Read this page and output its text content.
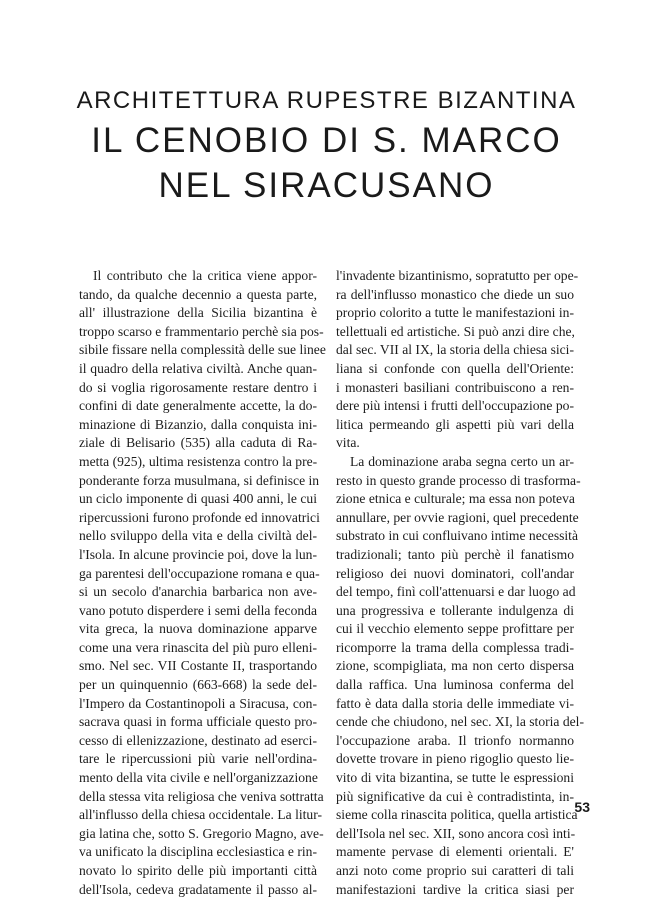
ARCHITETTURA RUPESTRE BIZANTINA
IL CENOBIO DI S. MARCO
NEL SIRACUSANO
Il contributo che la critica viene appor-
tando, da qualche decennio a questa parte,
all' illustrazione della Sicilia bizantina è
troppo scarso e frammentario perchè sia pos-
sibile fissare nella complessità delle sue linee
il quadro della relativa civiltà. Anche quan-
do si voglia rigorosamente restare dentro i
confini di date generalmente accette, la do-
minazione di Bizanzio, dalla conquista ini-
ziale di Belisario (535) alla caduta di Ra-
metta (925), ultima resistenza contro la pre-
ponderante forza musulmana, si definisce in
un ciclo imponente di quasi 400 anni, le cui
ripercussioni furono profonde ed innovatrici
nello sviluppo della vita e della civiltà del-
l'Isola. In alcune provincie poi, dove la lun-
ga parentesi dell'occupazione romana e qua-
si un secolo d'anarchia barbarica non ave-
vano potuto disperdere i semi della feconda
vita greca, la nuova dominazione apparve
come una vera rinascita del più puro elleni-
smo. Nel sec. VII Costante II, trasportando
per un quinquennio (663-668) la sede del-
l'Impero da Costantinopoli a Siracusa, con-
sacrava quasi in forma ufficiale questo pro-
cesso di ellenizzazione, destinato ad eserci-
tare le ripercussioni più varie nell'ordina-
mento della vita civile e nell'organizzazione
della stessa vita religiosa che veniva sottratta
all'influsso della chiesa occidentale. La litur-
gia latina che, sotto S. Gregorio Magno, ave-
va unificato la disciplina ecclesiastica e rin-
novato lo spirito delle più importanti città
dell'Isola, cedeva gradatamente il passo al-
l'invadente bizantinismo, sopratutto per ope-
ra dell'influsso monastico che diede un suo
proprio colorito a tutte le manifestazioni in-
tellettuali ed artistiche. Si può anzi dire che,
dal sec. VII al IX, la storia della chiesa sici-
liana si confonde con quella dell'Oriente:
i monasteri basiliani contribuiscono a ren-
dere più intensi i frutti dell'occupazione po-
litica permeando gli aspetti più vari della
vita.
La dominazione araba segna certo un ar-
resto in questo grande processo di trasforma-
zione etnica e culturale; ma essa non poteva
annullare, per ovvie ragioni, quel precedente
substrato in cui confluivano intime necessità
tradizionali; tanto più perchè il fanatismo
religioso dei nuovi dominatori, coll'andar
del tempo, finì coll'attenuarsi e dar luogo ad
una progressiva e tollerante indulgenza di
cui il vecchio elemento seppe profittare per
ricomporre la trama della complessa tradi-
zione, scompigliata, ma non certo dispersa
dalla raffica. Una luminosa conferma del
fatto è data dalla storia delle immediate vi-
cende che chiudono, nel sec. XI, la storia del-
l'occupazione araba. Il trionfo normanno
dovette trovare in pieno rigoglio questo lie-
vito di vita bizantina, se tutte le espressioni
più significative da cui è contradistinta, in-
sieme colla rinascita politica, quella artistica
dell'Isola nel sec. XII, sono ancora così inti-
mamente pervase di elementi orientali. E'
anzi noto come proprio sui caratteri di tali
manifestazioni tardive la critica siasi per
53
